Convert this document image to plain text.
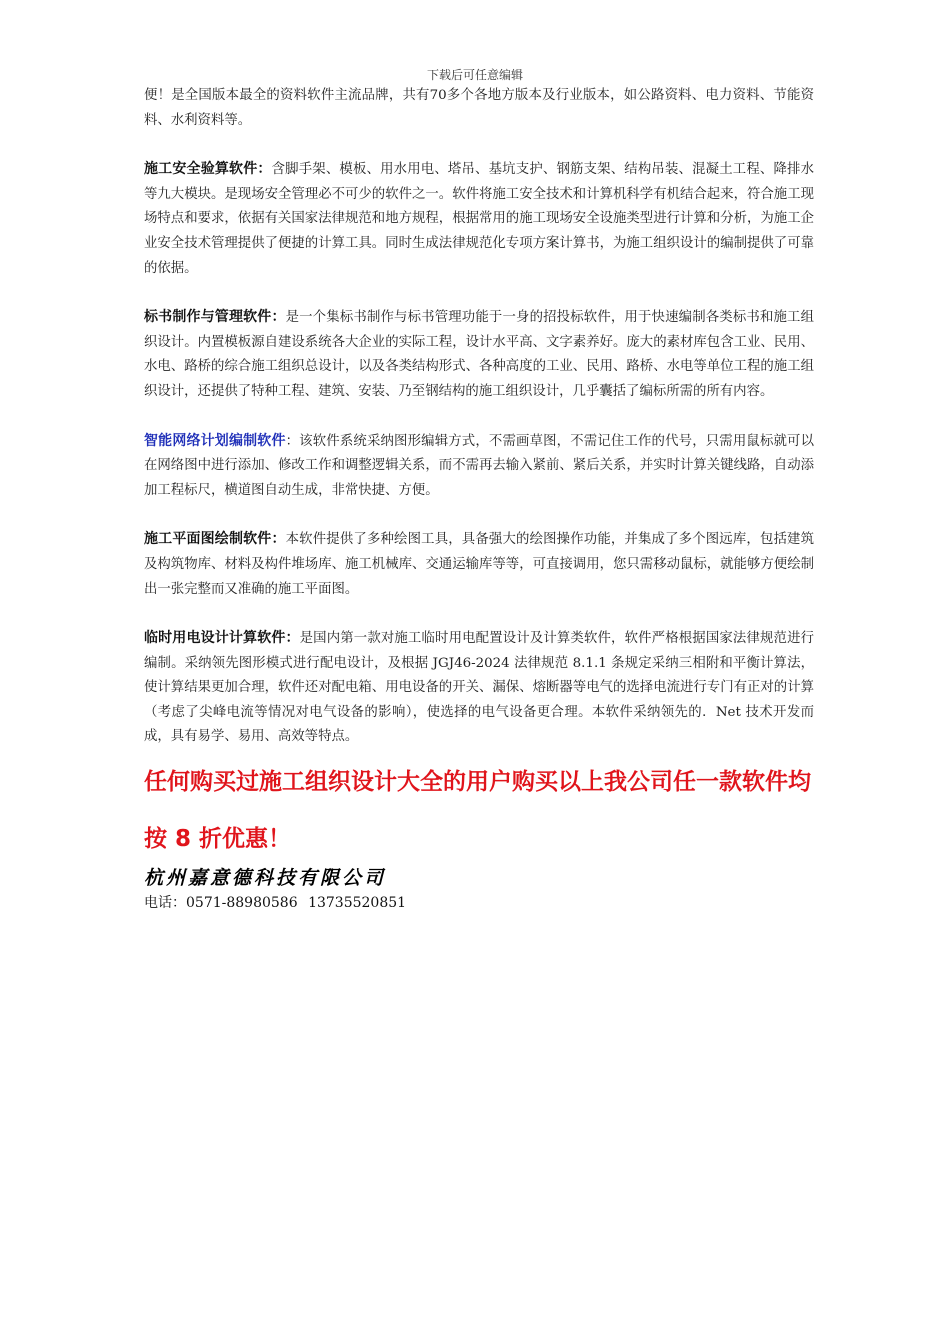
下载后可任意编辑

便！是全国版本最全的资料软件主流品牌，共有70多个各地方版本及行业版本，如公路资料、电力资料、节能资料、水利资料等。

施工安全验算软件：含脚手架、模板、用水用电、塔吊、基坑支护、钢筋支架、结构吊装、混凝土工程、降排水等九大模块。是现场安全管理必不可少的软件之一。软件将施工安全技术和计算机科学有机结合起来，符合施工现场特点和要求，依据有关国家法律规范和地方规程，根据常用的施工现场安全设施类型进行计算和分析，为施工企业安全技术管理提供了便捷的计算工具。同时生成法律规范化专项方案计算书，为施工组织设计的编制提供了可靠的依据。

标书制作与管理软件：是一个集标书制作与标书管理功能于一身的招投标软件，用于快速编制各类标书和施工组织设计。内置模板源自建设系统各大企业的实际工程，设计水平高、文字素养好。庞大的素材库包含工业、民用、水电、路桥的综合施工组织总设计，以及各类结构形式、各种高度的工业、民用、路桥、水电等单位工程的施工组织设计，还提供了特种工程、建筑、安装、乃至钢结构的施工组织设计，几乎囊括了编标所需的所有内容。

智能网络计划编制软件：该软件系统采纳图形编辑方式，不需画草图，不需记住工作的代号，只需用鼠标就可以在网络图中进行添加、修改工作和调整逻辑关系，而不需再去输入紧前、紧后关系，并实时计算关键线路，自动添加工程标尺，横道图自动生成，非常快捷、方便。

施工平面图绘制软件：本软件提供了多种绘图工具，具备强大的绘图操作功能，并集成了多个图远库，包括建筑及构筑物库、材料及构件堆场库、施工机械库、交通运输库等等，可直接调用，您只需移动鼠标，就能够方便绘制出一张完整而又准确的施工平面图。

临时用电设计计算软件：是国内第一款对施工临时用电配置设计及计算类软件，软件严格根据国家法律规范进行编制。采纳领先图形模式进行配电设计，及根据 JGJ46-2024 法律规范 8.1.1 条规定采纳三相附和平衡计算法，使计算结果更加合理，软件还对配电箱、用电设备的开关、漏保、熔断器等电气的选择电流进行专门有正对的计算（考虑了尖峰电流等情况对电气设备的影响），使选择的电气设备更合理。本软件采纳领先的．Net 技术开发而成，具有易学、易用、高效等特点。

任何购买过施工组织设计大全的用户购买以上我公司任一款软件均按 8 折优惠！
杭州嘉意德科技有限公司
电话：0571-88980586 13735520851
